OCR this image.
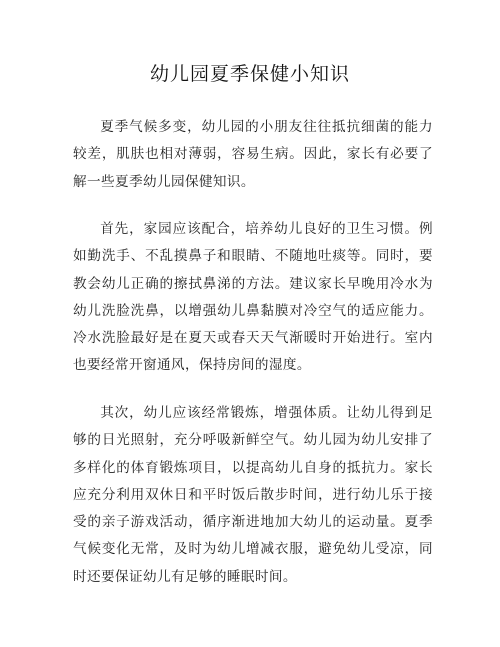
幼儿园夏季保健小知识
夏季气候多变，幼儿园的小朋友往往抵抗细菌的能力较差，肌肤也相对薄弱，容易生病。因此，家长有必要了解一些夏季幼儿园保健知识。
首先，家园应该配合，培养幼儿良好的卫生习惯。例如勤洗手、不乱摸鼻子和眼睛、不随地吐痰等。同时，要教会幼儿正确的擦拭鼻涕的方法。建议家长早晚用冷水为幼儿洗脸洗鼻，以增强幼儿鼻黏膜对冷空气的适应能力。冷水洗脸最好是在夏天或春天天气渐暖时开始进行。室内也要经常开窗通风，保持房间的湿度。
其次，幼儿应该经常锻炼，增强体质。让幼儿得到足够的日光照射，充分呼吸新鲜空气。幼儿园为幼儿安排了多样化的体育锻炼项目，以提高幼儿自身的抵抗力。家长应充分利用双休日和平时饭后散步时间，进行幼儿乐于接受的亲子游戏活动，循序渐进地加大幼儿的运动量。夏季气候变化无常，及时为幼儿增减衣服，避免幼儿受凉，同时还要保证幼儿有足够的睡眠时间。
